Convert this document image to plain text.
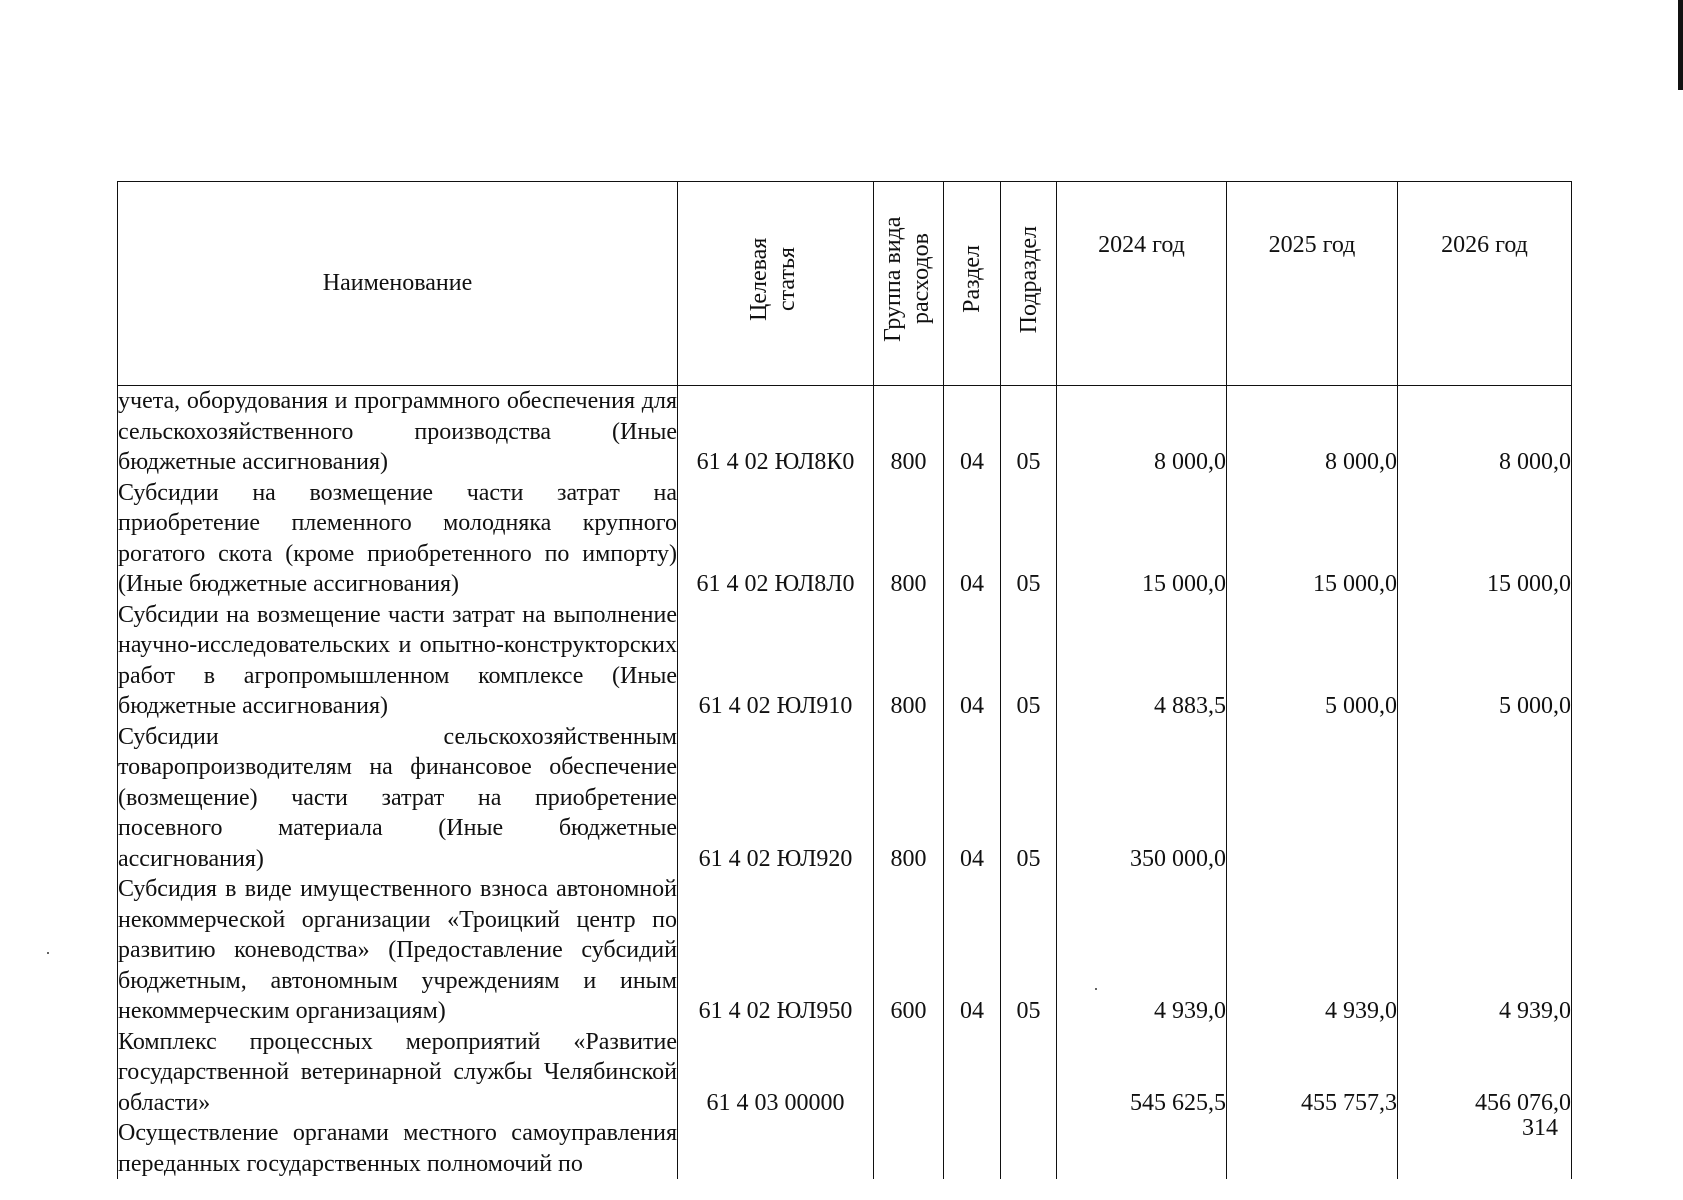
Наименование	Целевая статья	Группа вида расходов	Раздел	Подраздел	2024 год	2025 год	2026 год

учета, оборудования и программного обеспечения для сельскохозяйственного производства (Иные бюджетные ассигнования)	61 4 02 ЮЛ8К0	800	04	05	8 000,0	8 000,0	8 000,0

Субсидии на возмещение части затрат на приобретение племенного молодняка крупного рогатого скота (кроме приобретенного по импорту) (Иные бюджетные ассигнования)	61 4 02 ЮЛ8Л0	800	04	05	15 000,0	15 000,0	15 000,0

Субсидии на возмещение части затрат на выполнение научно-исследовательских и опытно-конструкторских работ в агропромышленном комплексе (Иные бюджетные ассигнования)	61 4 02 ЮЛ910	800	04	05	4 883,5	5 000,0	5 000,0

Субсидии сельскохозяйственным товаропроизводителям на финансовое обеспечение (возмещение) части затрат на приобретение посевного материала (Иные бюджетные ассигнования)	61 4 02 ЮЛ920	800	04	05	350 000,0		

Субсидия в виде имущественного взноса автономной некоммерческой организации «Троицкий центр по развитию коневодства» (Предоставление субсидий бюджетным, автономным учреждениям и иным некоммерческим организациям)	61 4 02 ЮЛ950	600	04	05	4 939,0	4 939,0	4 939,0

Комплекс процессных мероприятий «Развитие государственной ветеринарной службы Челябинской области»	61 4 03 00000				545 625,5	455 757,3	456 076,0

Осуществление органами местного самоуправления переданных государственных полномочий по							

314
